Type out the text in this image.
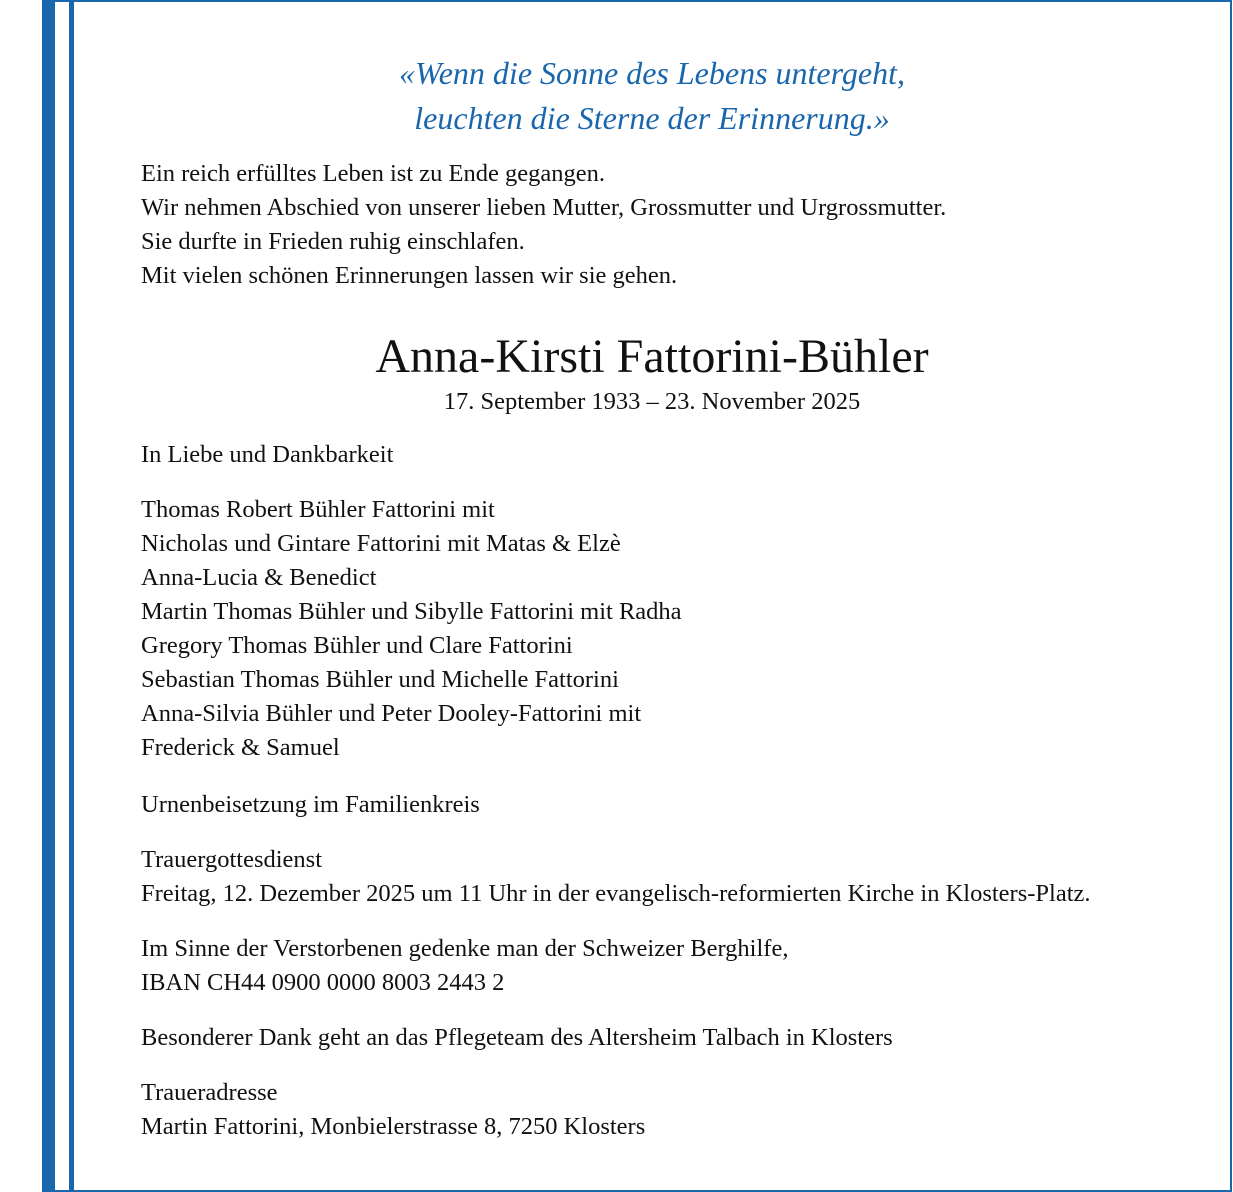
«Wenn die Sonne des Lebens untergeht,
leuchten die Sterne der Erinnerung.»
Ein reich erfülltes Leben ist zu Ende gegangen.
Wir nehmen Abschied von unserer lieben Mutter, Grossmutter und Urgrossmutter.
Sie durfte in Frieden ruhig einschlafen.
Mit vielen schönen Erinnerungen lassen wir sie gehen.
Anna-Kirsti Fattorini-Bühler
17. September 1933 – 23. November 2025
In Liebe und Dankbarkeit
Thomas Robert Bühler Fattorini mit
Nicholas und Gintare Fattorini mit Matas & Elzè
Anna-Lucia & Benedict
Martin Thomas Bühler und Sibylle Fattorini mit Radha
Gregory Thomas Bühler und Clare Fattorini
Sebastian Thomas Bühler und Michelle Fattorini
Anna-Silvia Bühler und Peter Dooley-Fattorini mit
Frederick & Samuel
Urnenbeisetzung im Familienkreis
Trauergottesdienst
Freitag, 12. Dezember 2025 um 11 Uhr in der evangelisch-reformierten Kirche in Klosters-Platz.
Im Sinne der Verstorbenen gedenke man der Schweizer Berghilfe,
IBAN CH44 0900 0000 8003 2443 2
Besonderer Dank geht an das Pflegeteam des Altersheim Talbach in Klosters
Traueradresse
Martin Fattorini, Monbielerstrasse 8, 7250 Klosters
